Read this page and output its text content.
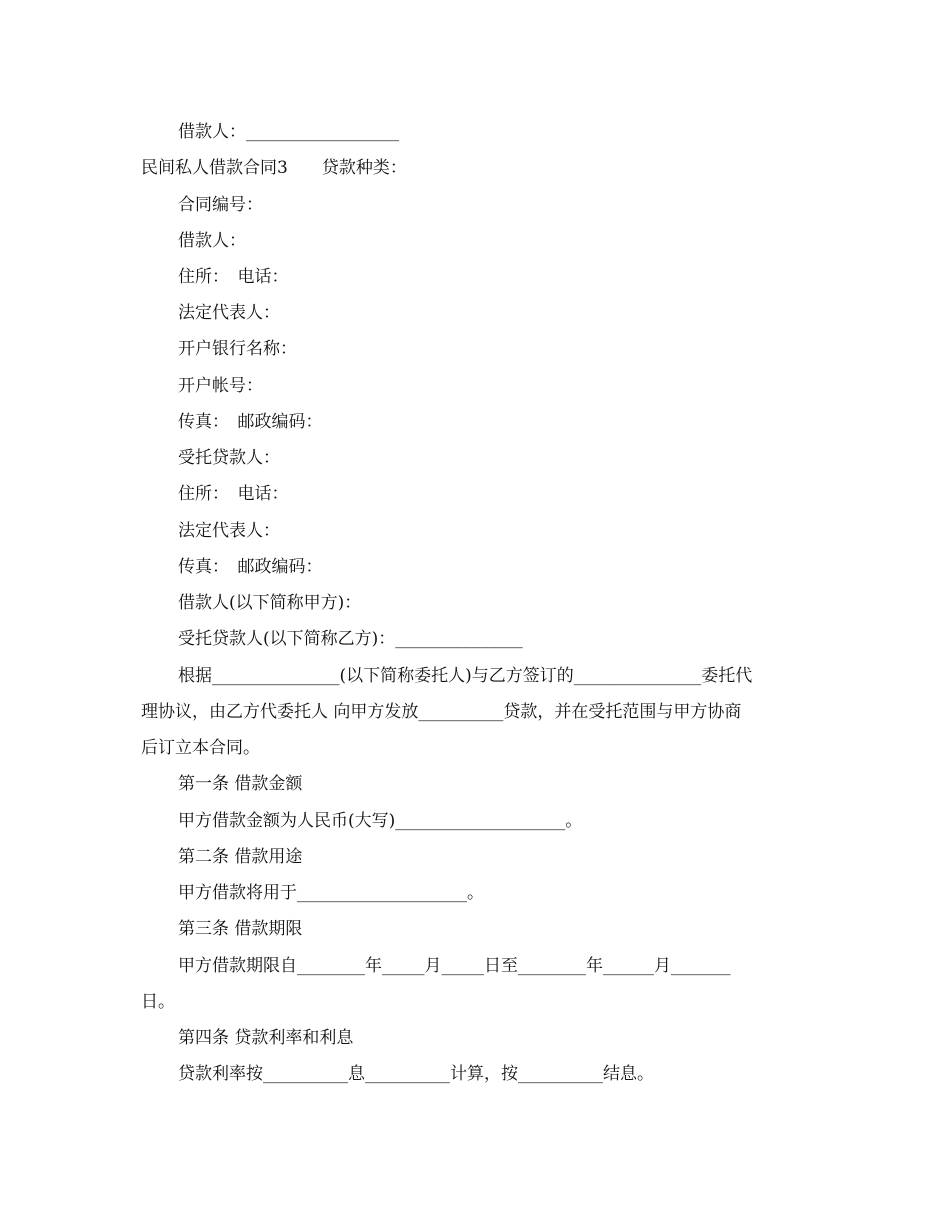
借款人：__________________
民间私人借款合同3　　贷款种类：
合同编号：
借款人：
住所：　电话：
法定代表人：
开户银行名称：
开户帐号：
传真：　邮政编码：
受托贷款人：
住所：　电话：
法定代表人：
传真：　邮政编码：
借款人(以下简称甲方)：
受托贷款人(以下简称乙方)：_______________
根据_______________(以下简称委托人)与乙方签订的_______________委托代
理协议，由乙方代委托人 向甲方发放__________贷款，并在受托范围与甲方协商
后订立本合同。
第一条 借款金额
甲方借款金额为人民币(大写)____________________。
第二条 借款用途
甲方借款将用于____________________。
第三条 借款期限
甲方借款期限自________年_____月_____日至________年______月_______
日。
第四条 贷款利率和利息
贷款利率按__________息__________计算，按__________结息。
